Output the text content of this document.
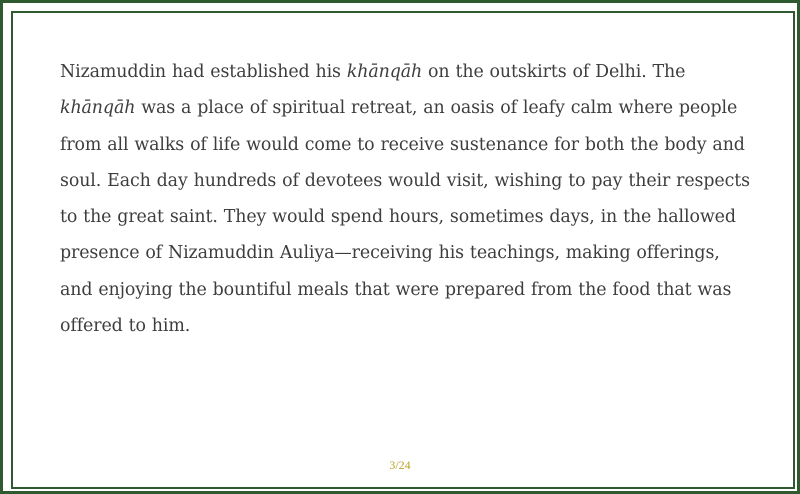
Nizamuddin had established his khānqāh on the outskirts of Delhi. The khānqāh was a place of spiritual retreat, an oasis of leafy calm where people from all walks of life would come to receive sustenance for both the body and soul. Each day hundreds of devotees would visit, wishing to pay their respects to the great saint. They would spend hours, sometimes days, in the hallowed presence of Nizamuddin Auliya—receiving his teachings, making offerings, and enjoying the bountiful meals that were prepared from the food that was offered to him.

3/24
